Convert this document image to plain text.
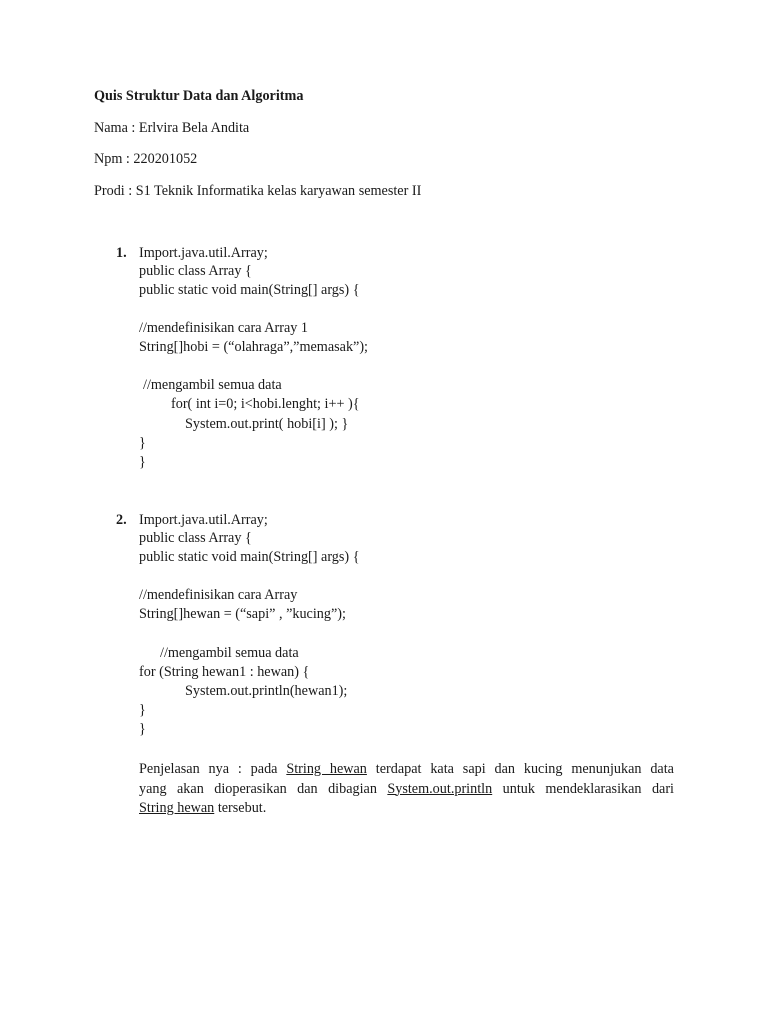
Quis Struktur Data dan Algoritma
Nama : Erlvira Bela Andita
Npm : 220201052
Prodi : S1 Teknik Informatika kelas karyawan semester II
1. Import.java.util.Array;
public class Array {
public static void main(String[] args) {
//mendefinisikan cara Array 1
String[]hobi = (“olahraga”,”memasak”);
//mengambil semua data
for( int i=0; i<hobi.lenght; i++ ){
System.out.print( hobi[i] ); }
}
}
2. Import.java.util.Array;
public class Array {
public static void main(String[] args) {
//mendefinisikan cara Array
String[]hewan = (“sapi” , ”kucing”);
//mengambil semua data
for (String hewan1 : hewan) {
System.out.println(hewan1);
}
}
Penjelasan nya : pada String hewan terdapat kata sapi dan kucing menunjukan data
yang akan dioperasikan dan dibagian System.out.println untuk mendeklarasikan dari
String hewan tersebut.
